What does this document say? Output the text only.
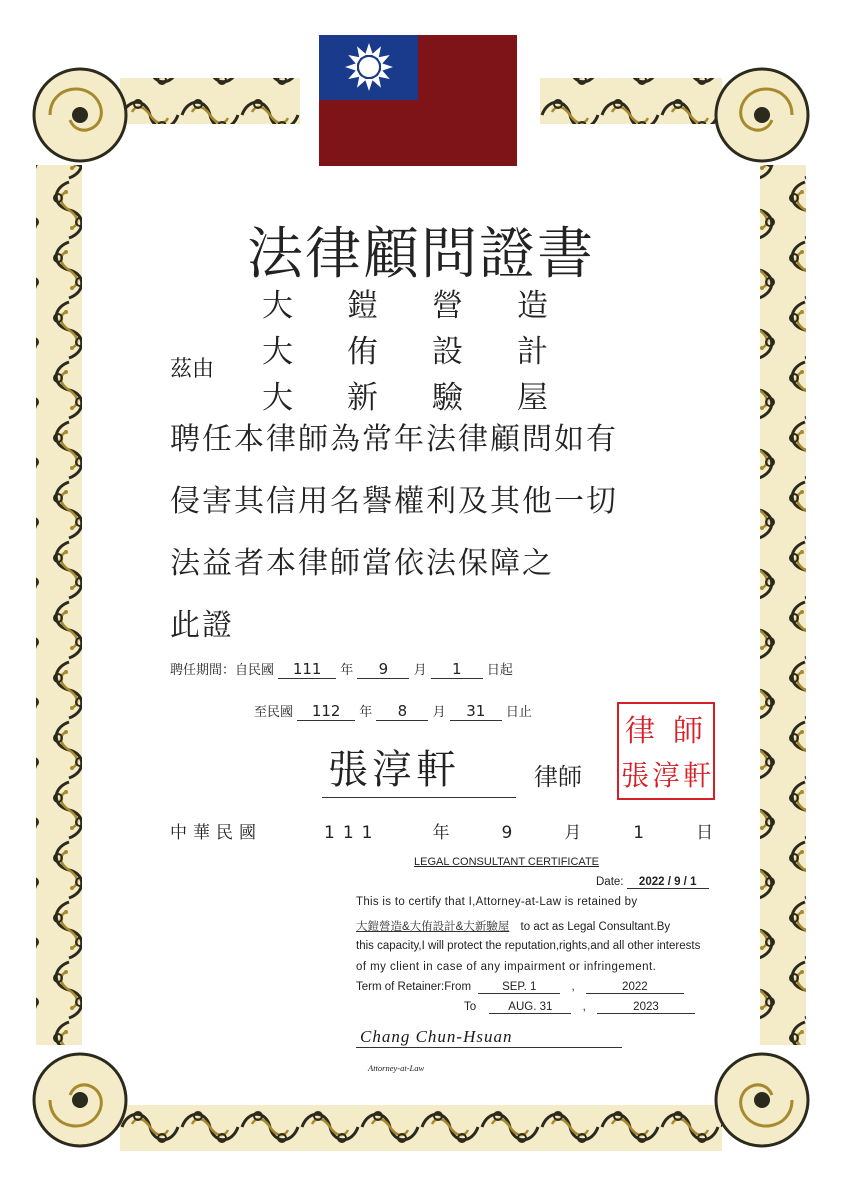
法律顧問證書
茲由
大 鎧 營 造
大 侑 設 計
大 新 驗 屋
聘任本律師為常年法律顧問如有
侵害其信用名譽權利及其他一切
法益者本律師當依法保障之
此證
聘任期間：自民國 111 年 9 月 1 日起
至民國 112 年 8 月 31 日止
張淳軒	律師
律 師
張 淳 軒
中華民國	111	年	9	月	1	日
LEGAL CONSULTANT CERTIFICATE
Date: 2022 / 9 / 1
This is to certify that I,Attorney-at-Law is retained by
大鎧營造&大侑設計&大新驗屋 to act as Legal Consultant.By
this capacity,I will protect the reputation,rights,and all other interests
of my client in case of any impairment or infringement.
Term of Retainer:From	SEP. 1	,	2022
To	AUG. 31	,	2023
Chang Chun-Hsuan
Attorney-at-Law
